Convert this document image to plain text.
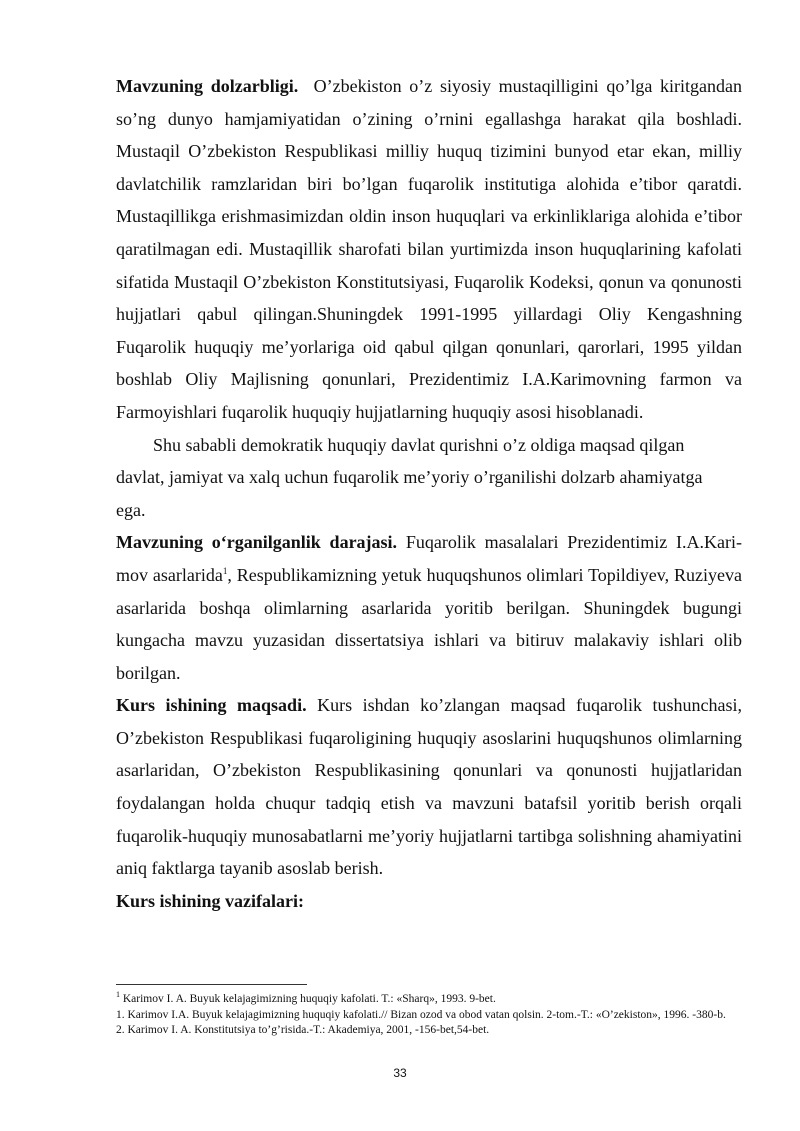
Mavzuning dolzarbligi. O’zbekiston o’z siyosiy mustaqilligini qo’lga kiritgandan so’ng dunyo hamjamiyatidan o’zining o’rnini egallashga harakat qila boshladi. Mustaqil O’zbekiston Respublikasi milliy huquq tizimini bunyod etar ekan, milliy davlatchilik ramzlaridan biri bo’lgan fuqarolik institutiga alohida e’tibor qaratdi. Mustaqillikga erishmasimizdan oldin inson huquqlari va erkinliklariga alohida e’tibor qaratilmagan edi. Mustaqillik sharofati bilan yurtimizda inson huquqlarining kafolati sifatida Mustaqil O’zbekiston Konstitutsiyasi, Fuqarolik Kodeksi, qonun va qonunosti hujjatlari qabul qilingan.Shuningdek 1991-1995 yillardagi Oliy Kengashning Fuqarolik huquqiy me’yorlariga oid qabul qilgan qonunlari, qarorlari, 1995 yildan boshlab Oliy Majlisning qonunlari, Prezidentimiz I.A.Karimovning farmon va Farmoyishlari fuqarolik huquqiy hujjatlarning huquqiy asosi hisoblanadi.

Shu sababli demokratik huquqiy davlat qurishni o’z oldiga maqsad qilgan davlat, jamiyat va xalq uchun fuqarolik me’yoriy o’rganilishi dolzarb ahamiyatga ega.

Mavzuning o‘rganilganlik darajasi. Fuqarolik masalalari Prezidentimiz I.A.Kari-mov asarlarida$^1$, Respublikamizning yetuk huquqshunos olimlari Topildiyev, Ruziyeva asarlarida boshqa olimlarning asarlarida yoritib berilgan. Shuningdek bugungi kungacha mavzu yuzasidan dissertatsiya ishlari va bitiruv malakaviy ishlari olib borilgan.

Kurs ishining maqsadi. Kurs ishdan ko’zlangan maqsad fuqarolik tushunchasi, O’zbekiston Respublikasi fuqaroligining huquqiy asoslarini huquqshunos olimlarning asarlaridan, O’zbekiston Respublikasining qonunlari va qonunosti hujjatlaridan foydalangan holda chuqur tadqiq etish va mavzuni batafsil yoritib berish orqali fuqarolik-huquqiy munosabatlarni me’yoriy hujjatlarni tartibga solishning ahamiyatini aniq faktlarga tayanib asoslab berish.

Kurs ishining vazifalari:

$^1$ Karimov I. A. Buyuk kelajagimizning huquqiy kafolati. T.: «Sharq», 1993. 9-bet.

1. Karimov I.A. Buyuk kelajagimizning huquqiy kafolati.// Bizan ozod va obod vatan qolsin. 2-tom.-T.: «O’zekiston», 1996. -380-b.

2. Karimov I. A. Konstitutsiya to’g’risida.-T.: Akademiya, 2001, -156-bet,54-bet.

33
